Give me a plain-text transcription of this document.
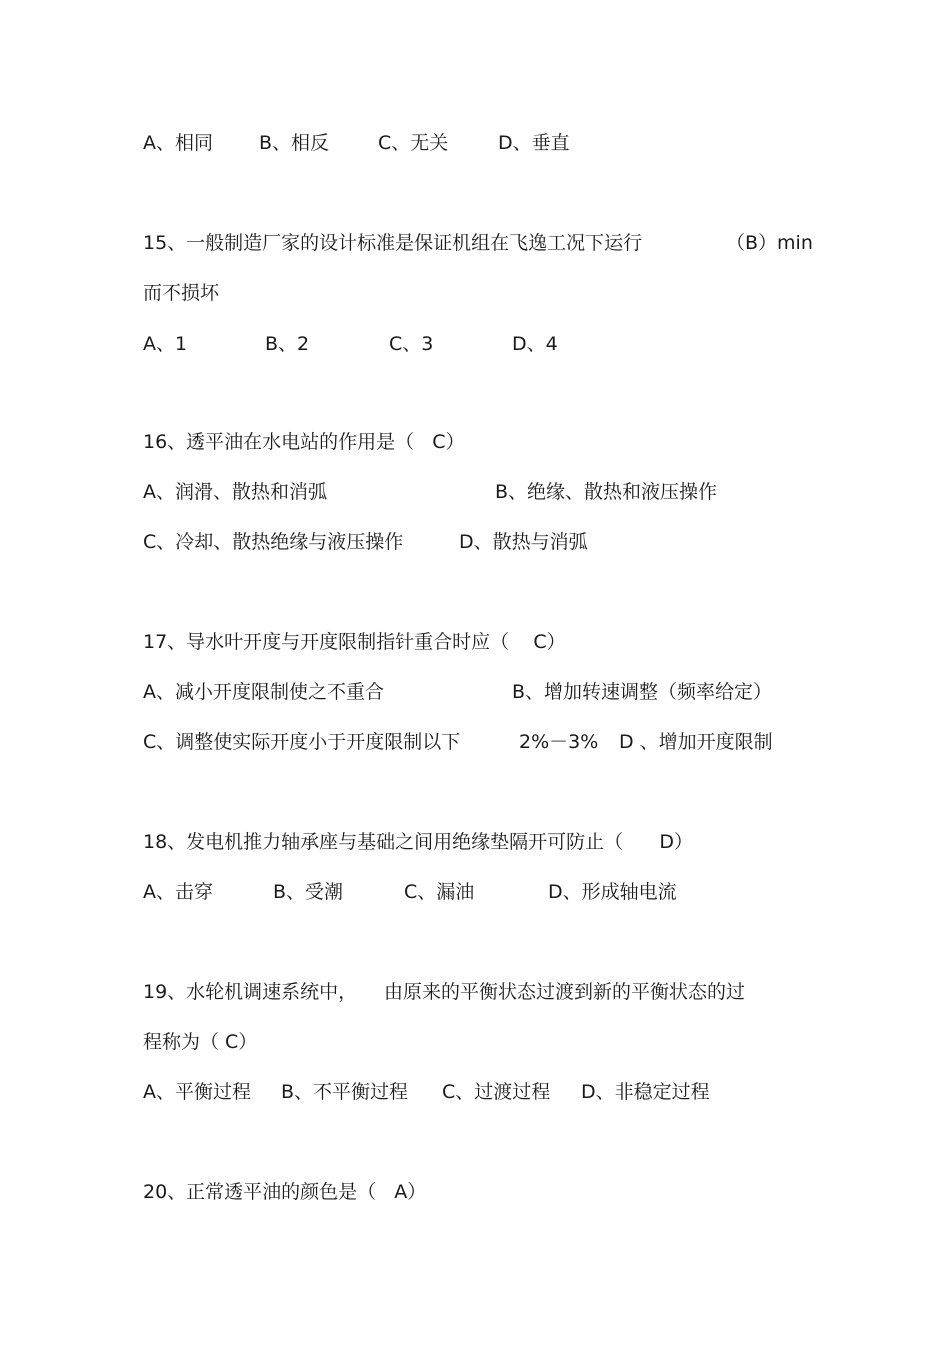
A、相同

B、相反

	C、无关

	D、垂直

15、一般制造厂家的设计标准是保证机组在飞逸工况下运行

	（B）min

而不损坏

A、1

	B、2

	C、3

	D、4

16、透平油在水电站的作用是（   C）

A、润滑、散热和消弧

	B、绝缘、散热和液压操作

C、冷却、散热绝缘与液压操作

	D、散热与消弧

17、导水叶开度与开度限制指针重合时应（    C）

A、减小开度限制使之不重合

	B、增加转速调整（频率给定）

C、调整使实际开度小于开度限制以下

	2%－3%

D 、增加开度限制

18、发电机推力轴承座与基础之间用绝缘垫隔开可防止（      D）

A、击穿

	B、受潮

	C、漏油

	D、形成轴电流

19、水轮机调速系统中，

由原来的平衡状态过渡到新的平衡状态的过

程称为（ C）

A、平衡过程

B、不平衡过程

C、过渡过程

D、非稳定过程

20、正常透平油的颜色是（   A）
